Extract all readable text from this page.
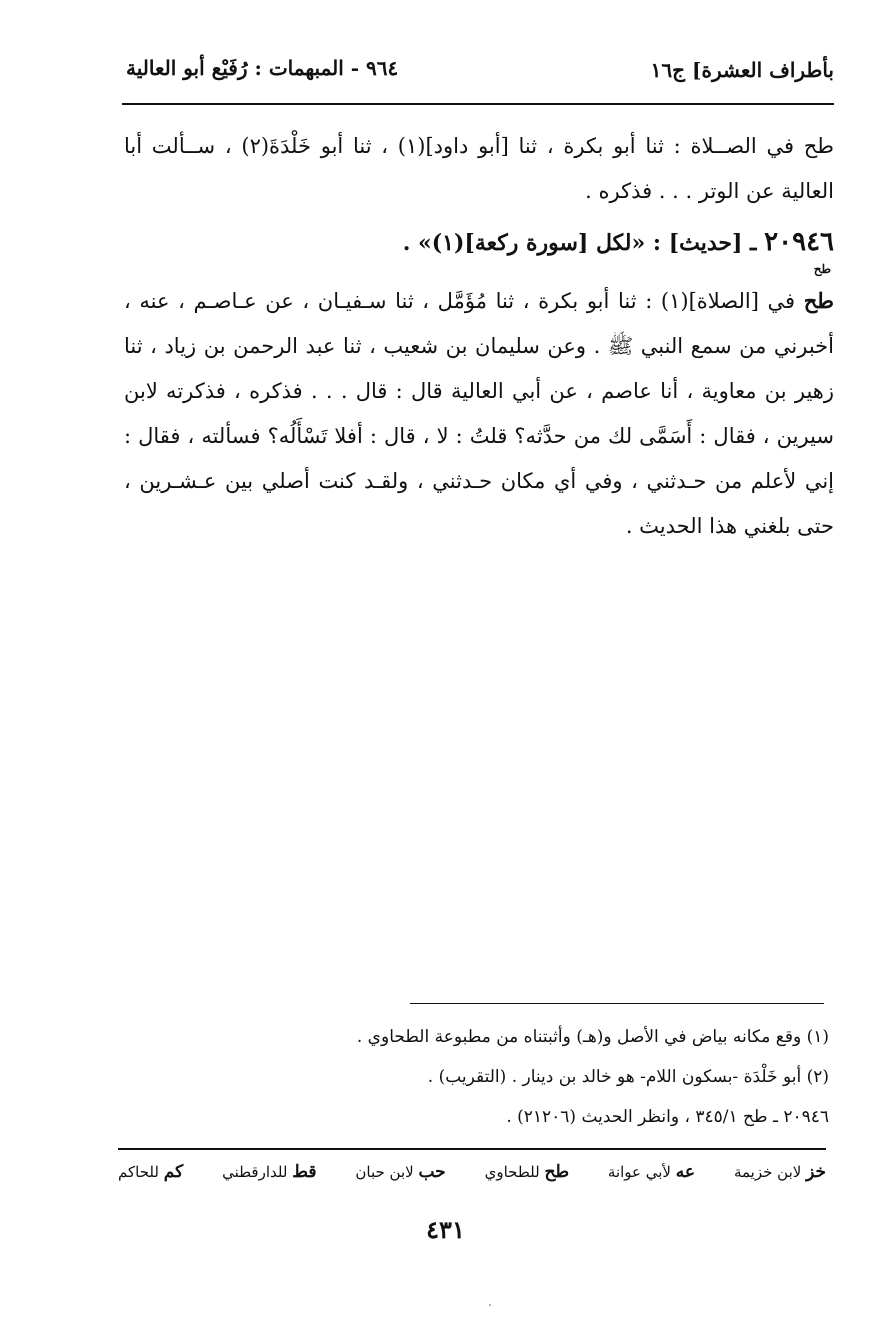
بأطراف العشرة] ج١٦
٩٦٤ - المبهمات : رُفَيْع أبو العالية
طح في الصــلاة : ثنا أبو بكرة ، ثنا [أبو داود](١) ، ثنا أبو خَلْدَةَ(٢) ، ســألت أبا العالية عن الوتر . . . فذكره .
٢٠٩٤٦ ـ [حديث] : «لكل [سورة ركعة](١)» .
طح
طح في [الصلاة](١) : ثنا أبو بكرة ، ثنا مُؤَمَّل ، ثنا سـفيـان ، عن عـاصـم ، عنه ، أخبرني من سمع النبي ﷺ . وعن سليمان بن شعيب ، ثنا عبد الرحمن بن زياد ، ثنا زهير بن معاوية ، أنا عاصم ، عن أبي العالية قال : قال . . . فذكره ، فذكرته لابن سيرين ، فقال : أَسَمَّى لك من حدَّثه؟ قلتُ : لا ، قال : أفلا تَسْأَلُه؟ فسألته ، فقال : إني لأعلم من حـدثني ، وفي أي مكان حـدثني ، ولقـد كنت أصلي بين عـشـرين ، حتى بلغني هذا الحديث .
(١) وقع مكانه بياض في الأصل و(هـ) وأثبتناه من مطبوعة الطحاوي .
(٢) أبو خَلْدَة -بسكون اللام- هو خالد بن دينار . (التقريب) .
٢٠٩٤٦ ـ طح ٣٤٥/١ ، وانظر الحديث (٢١٢٠٦) .
خز لابن خزيمة
عه لأبي عوانة
طح للطحاوي
حب لابن حبان
قط للدارقطني
كم للحاكم
٤٣١
